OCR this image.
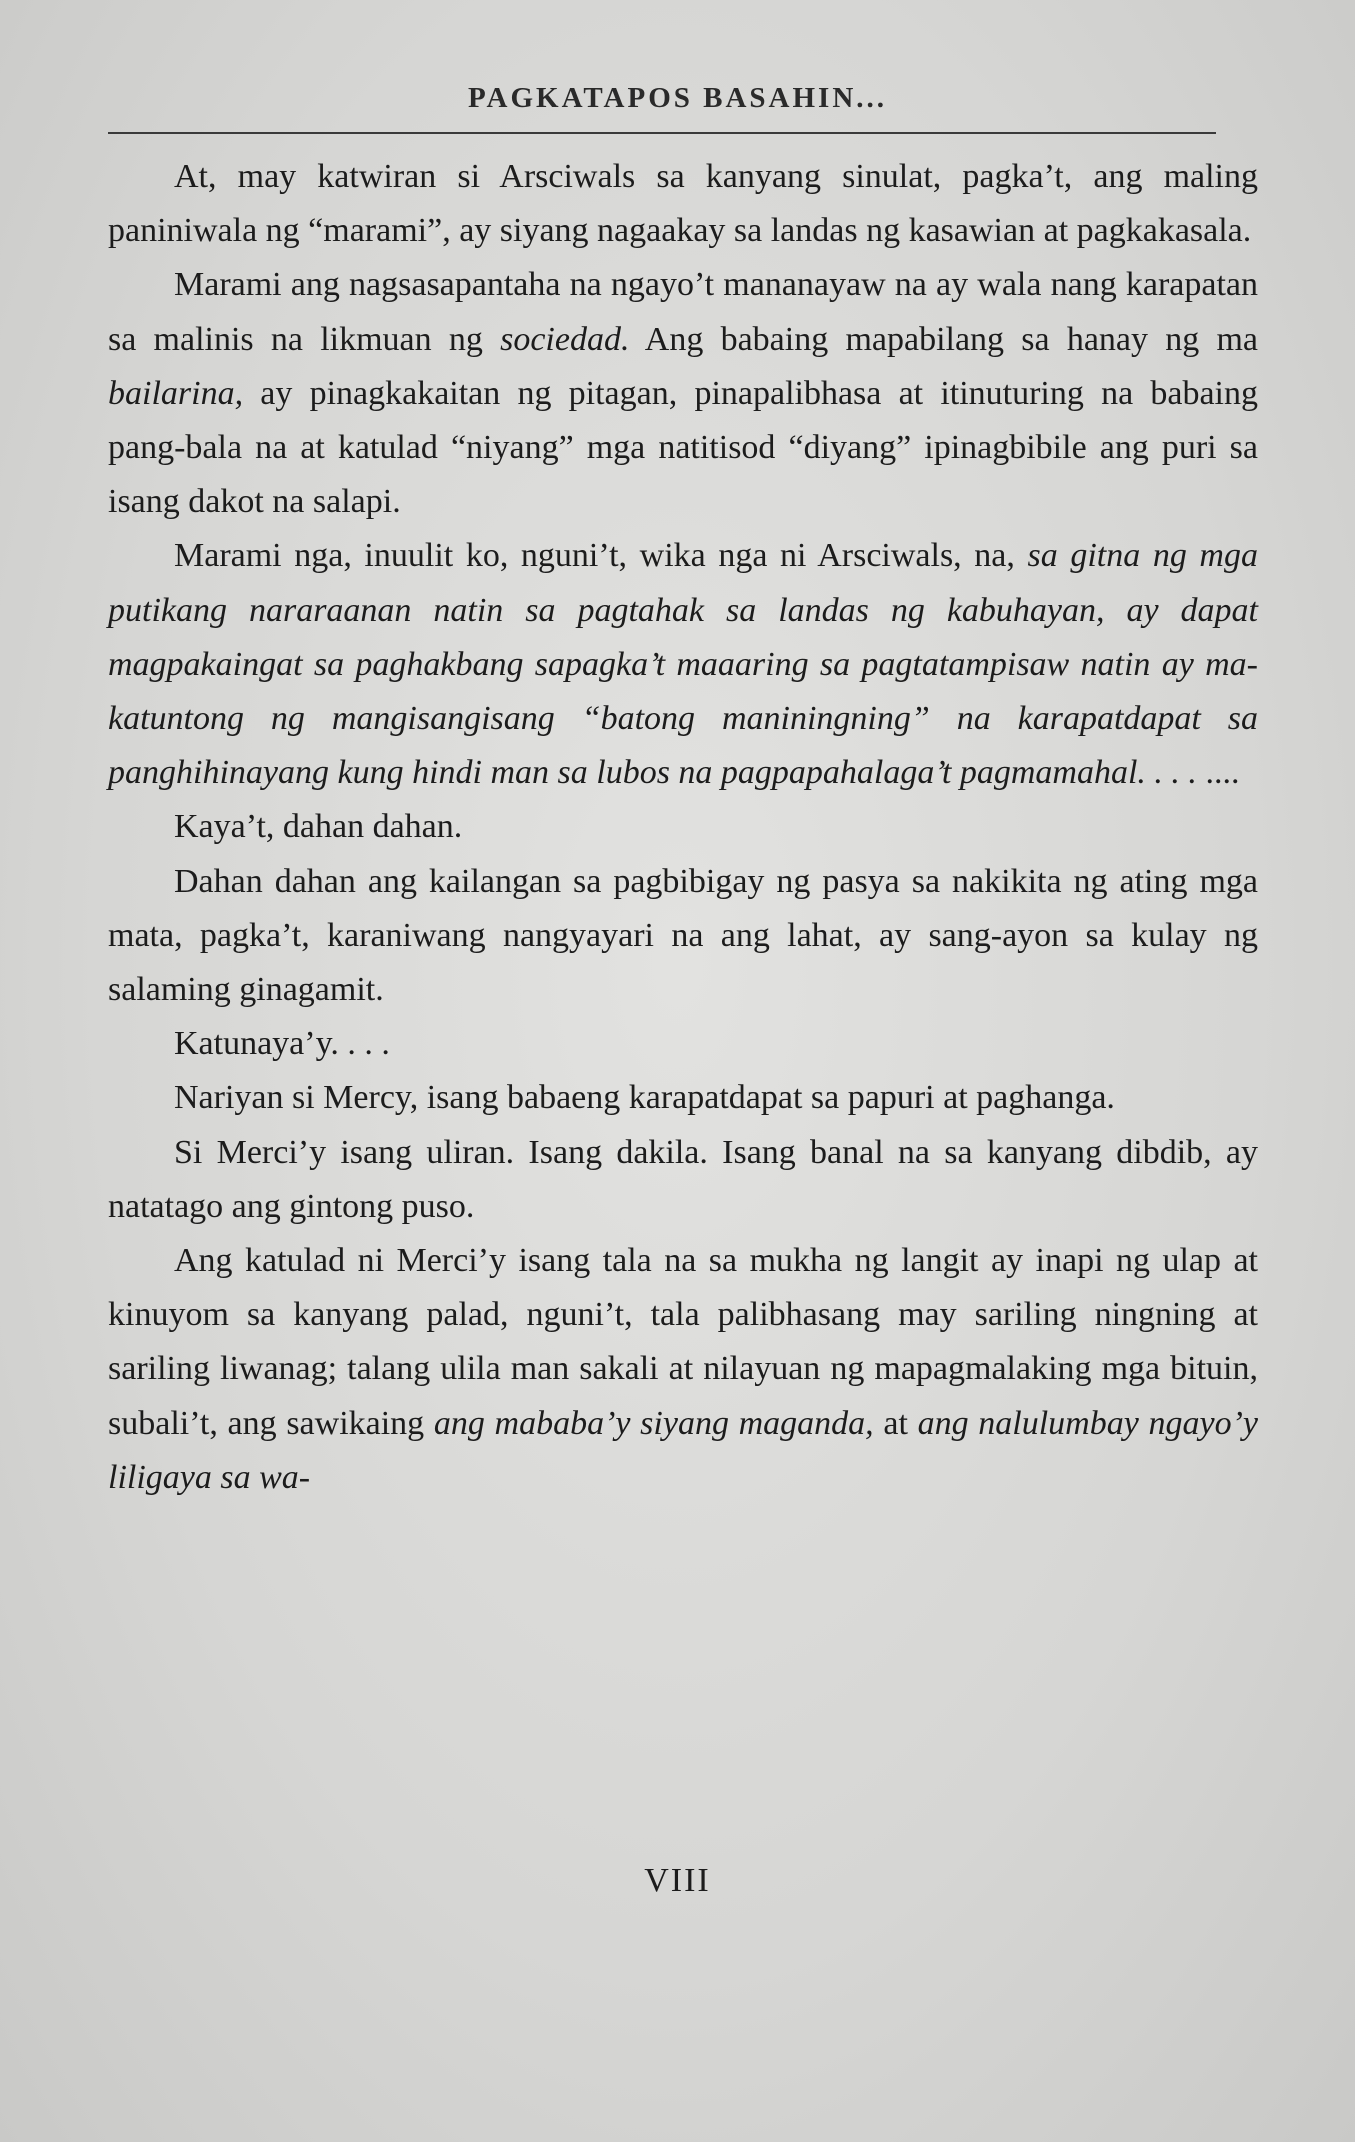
PAGKATAPOS BASAHIN...

At, may katwiran si Arsciwals sa kanyang sinulat, pagka’t, ang maling paniniwala ng “marami”, ay siyang nagaakay sa landas ng kasawian at pagkakasala.

Marami ang nagsasapantaha na ngayo’t mananayaw na ay wala nang karapatan sa malinis na likmuan ng sociedad. Ang babaing mapabilang sa hanay ng ma bailarina, ay pinagkakaitan ng pitagan, pinapalibhasa at itinuturing na babaing pang-bala na at katulad “niyang” mga natitisod “diyang” ipinagbibile ang puri sa isang dakot na salapi.

Marami nga, inuulit ko, nguni’t, wika nga ni Arsciwals, na, sa gitna ng mga putikang nararaanan natin sa pagtahak sa landas ng kabuhayan, ay dapat magpakaingat sa paghakbang sapagka’t maaaring sa pagtatampisaw natin ay makatuntong ng mangisangisang “batong maniningning” na karapatdapat sa panghihinayang kung hindi man sa lubos na pagpapahalaga’t pagmamahal. . . . ....

Kaya’t, dahan dahan.

Dahan dahan ang kailangan sa pagbibigay ng pasya sa nakikita ng ating mga mata, pagka’t, karaniwang nangyayari na ang lahat, ay sang-ayon sa kulay ng salaming ginagamit.

Katunaya’y. . . .

Nariyan si Mercy, isang babaeng karapatdapat sa papuri at paghanga.

Si Merci’y isang uliran. Isang dakila. Isang banal na sa kanyang dibdib, ay natatago ang gintong puso.

Ang katulad ni Merci’y isang tala na sa mukha ng langit ay inapi ng ulap at kinuyom sa kanyang palad, nguni’t, tala palibhasang may sariling ningning at sariling liwanag; talang ulila man sakali at nilayuan ng mapagmalaking mga bituin, subali’t, ang sawikaing ang mababa’y siyang maganda, at ang nalulumbay ngayo’y liligaya sa wa-

VIII
